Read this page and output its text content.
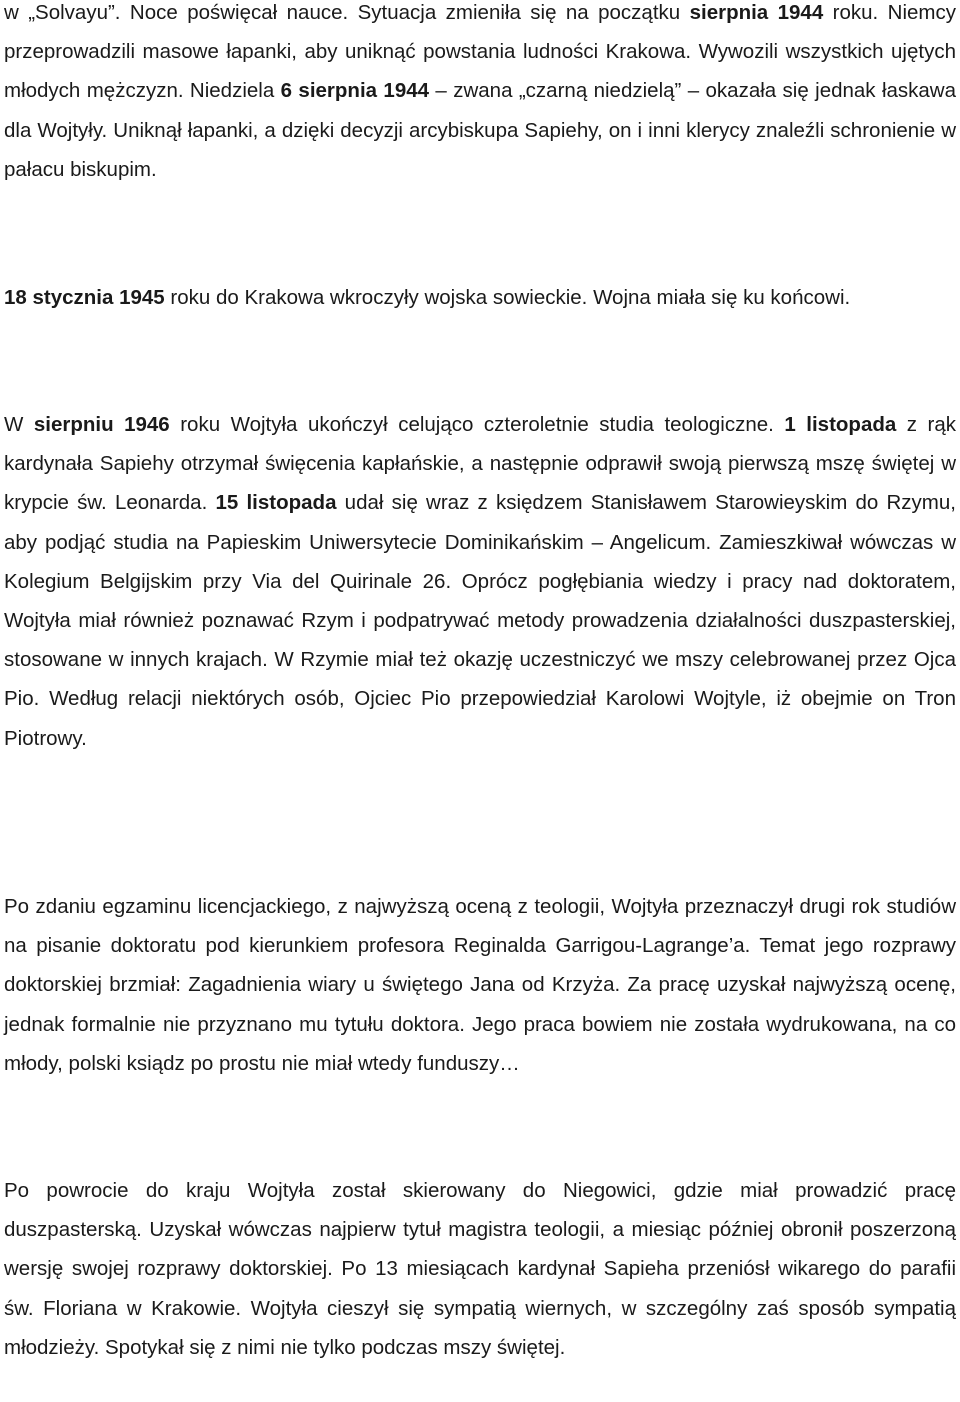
w „Solvayu”. Noce poświęcał nauce. Sytuacja zmieniła się na początku sierpnia 1944 roku. Niemcy przeprowadzili masowe łapanki, aby uniknąć powstania ludności Krakowa. Wywozili wszystkich ujętych młodych mężczyzn. Niedziela 6 sierpnia 1944 – zwana „czarną niedzielą” – okazała się jednak łaskawa dla Wojtyły. Uniknął łapanki, a dzięki decyzji arcybiskupa Sapiehy, on i inni klerycy znaleźli schronienie w pałacu biskupim.

18 stycznia 1945 roku do Krakowa wkroczyły wojska sowieckie. Wojna miała się ku końcowi.

W sierpniu 1946 roku Wojtyła ukończył celująco czteroletnie studia teologiczne. 1 listopada z rąk kardynała Sapiehy otrzymał święcenia kapłańskie, a następnie odprawił swoją pierwszą mszę świętej w krypcie św. Leonarda. 15 listopada udał się wraz z księdzem Stanisławem Starowieyskim do Rzymu, aby podjąć studia na Papieskim Uniwersytecie Dominikańskim – Angelicum. Zamieszkiwał wówczas w Kolegium Belgijskim przy Via del Quirinale 26. Oprócz pogłębiania wiedzy i pracy nad doktoratem, Wojtyła miał również poznawać Rzym i podpatrywać metody prowadzenia działalności duszpasterskiej, stosowane w innych krajach. W Rzymie miał też okazję uczestniczyć we mszy celebrowanej przez Ojca Pio. Według relacji niektórych osób, Ojciec Pio przepowiedział Karolowi Wojtyle, iż obejmie on Tron Piotrowy.

Po zdaniu egzaminu licencjackiego, z najwyższą oceną z teologii, Wojtyła przeznaczył drugi rok studiów na pisanie doktoratu pod kierunkiem profesora Reginalda Garrigou-Lagrange’a. Temat jego rozprawy doktorskiej brzmiał: Zagadnienia wiary u świętego Jana od Krzyża. Za pracę uzyskał najwyższą ocenę, jednak formalnie nie przyznano mu tytułu doktora. Jego praca bowiem nie została wydrukowana, na co młody, polski ksiądz po prostu nie miał wtedy funduszy…

Po powrocie do kraju Wojtyła został skierowany do Niegowici, gdzie miał prowadzić pracę duszpasterską. Uzyskał wówczas najpierw tytuł magistra teologii, a miesiąc później obronił poszerzoną wersję swojej rozprawy doktorskiej. Po 13 miesiącach kardynał Sapieha przeniósł wikarego do parafii św. Floriana w Krakowie. Wojtyła cieszył się sympatią wiernych, w szczególny zaś sposób sympatią młodzieży. Spotykał się z nimi nie tylko podczas mszy świętej.
